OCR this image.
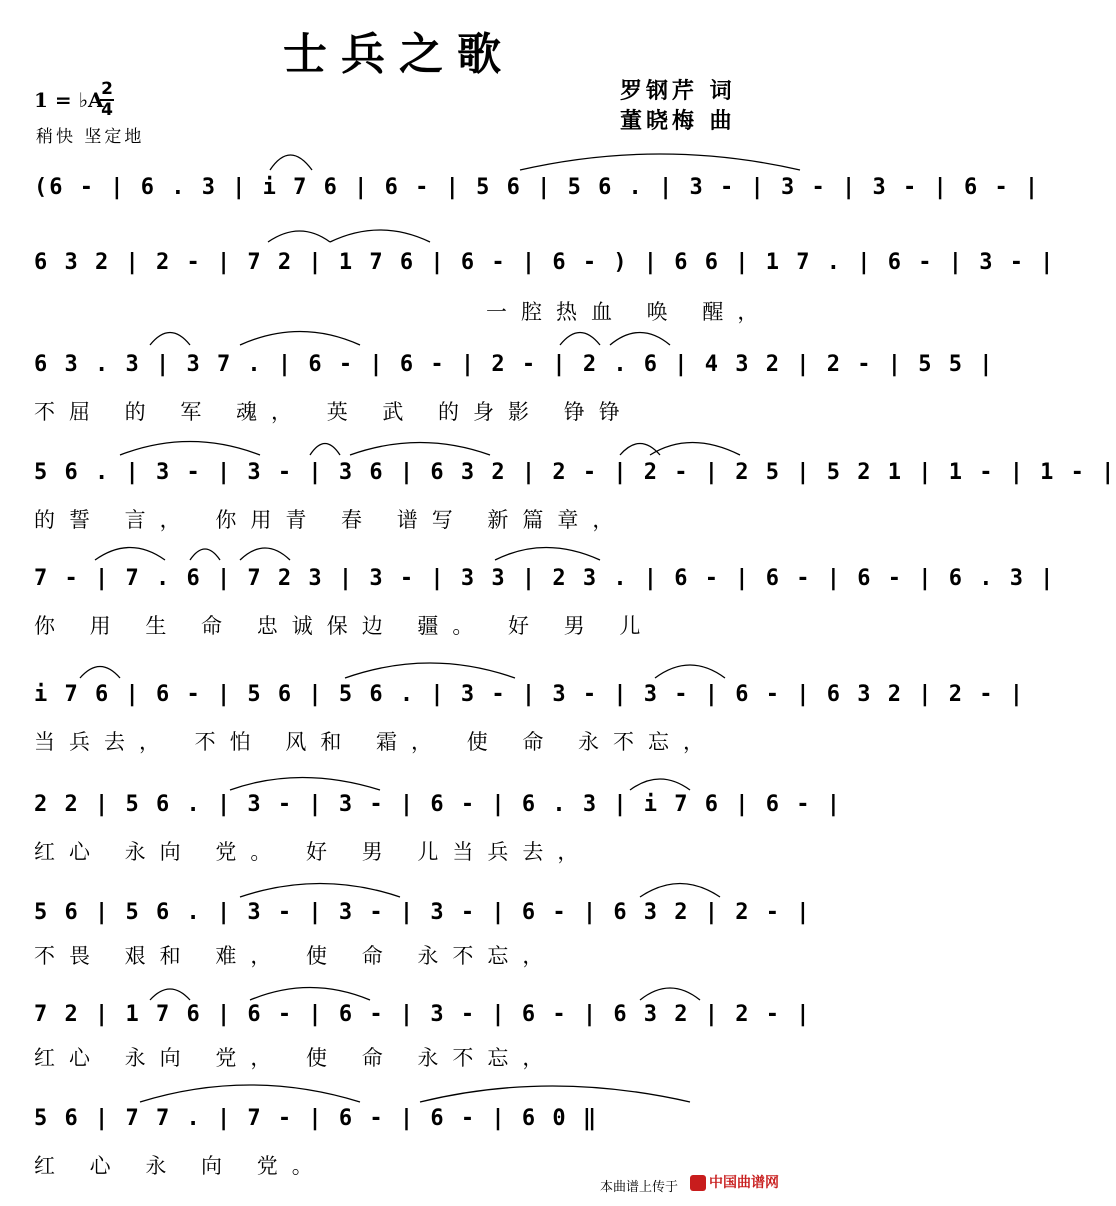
士兵之歌
罗钢芹 词
董晓梅 曲
1 = ♭A
2
4
稍快 坚定地
(6 - | 6 . 3 | i 7 6 | 6 - | 5 6 | 5 6 . | 3 - | 3 - | 3 - | 6 - |
6 3 2 | 2 - | 7 2 | 1 7 6 | 6 - | 6 - ) | 6 6 | 1 7 . | 6 - | 3 - |
一腔热血 唤 醒，
6 3 . 3 | 3 7 . | 6 - | 6 - | 2 - | 2 . 6 | 4 3 2 | 2 - | 5 5 |
不屈 的 军 魂， 英 武 的身影 铮铮
5 6 . | 3 - | 3 - | 3 6 | 6 3 2 | 2 - | 2 - | 2 5 | 5 2 1 | 1 - | 1 - |
的誓 言， 你用青 春 谱写 新篇章，
7 - | 7 . 6 | 7 2 3 | 3 - | 3 3 | 2 3 . | 6 - | 6 - | 6 - | 6 . 3 |
你 用 生 命 忠诚保边 疆。 好 男 儿
i 7 6 | 6 - | 5 6 | 5 6 . | 3 - | 3 - | 3 - | 6 - | 6 3 2 | 2 - |
当兵去， 不怕 风和 霜， 使 命 永不忘，
2 2 | 5 6 . | 3 - | 3 - | 6 - | 6 . 3 | i 7 6 | 6 - |
红心 永向 党。 好 男 儿当兵去，
5 6 | 5 6 . | 3 - | 3 - | 3 - | 6 - | 6 3 2 | 2 - |
不畏 艰和 难， 使 命 永不忘，
7 2 | 1 7 6 | 6 - | 6 - | 3 - | 6 - | 6 3 2 | 2 - |
红心 永向 党， 使 命 永不忘，
5 6 | 7 7 . | 7 - | 6 - | 6 - | 6 0 ‖
红 心 永 向 党。
本曲谱上传于	中国曲谱网
